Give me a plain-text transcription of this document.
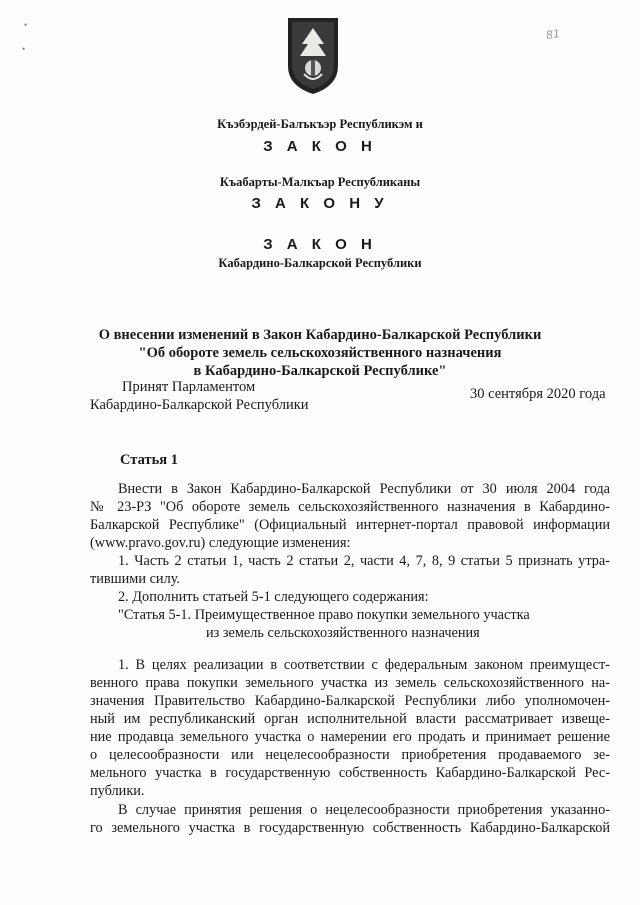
•
•
81
Къэбэрдей-Балъкъэр Республикэм и
З А К О Н
Къабарты-Малкъар Республиканы
З А К О Н У
З А К О Н
Кабардино-Балкарской Республики
О внесении изменений в Закон Кабардино-Балкарской Республики
"Об обороте земель сельскохозяйственного назначения
в Кабардино-Балкарской Республике"
Принят Парламентом
Кабардино-Балкарской Республики
30 сентября 2020 года
Статья 1
Внести в Закон Кабардино-Балкарской Республики от 30 июля 2004 года
№ 23-РЗ "Об обороте земель сельскохозяйственного назначения в Кабардино-
Балкарской Республике" (Официальный интернет-портал правовой информации
(www.pravo.gov.ru) следующие изменения:
1. Часть 2 статьи 1, часть 2 статьи 2, части 4, 7, 8, 9 статьи 5 признать утра-
тившими силу.
2. Дополнить статьей 5-1 следующего содержания:
"Статья 5-1. Преимущественное право покупки земельного участка
из земель сельскохозяйственного назначения
1. В целях реализации в соответствии с федеральным законом преимущест-
венного права покупки земельного участка из земель сельскохозяйственного на-
значения Правительство Кабардино-Балкарской Республики либо уполномочен-
ный им республиканский орган исполнительной власти рассматривает извеще-
ние продавца земельного участка о намерении его продать и принимает решение
о целесообразности или нецелесообразности приобретения продаваемого зе-
мельного участка в государственную собственность Кабардино-Балкарской Рес-
публики.
В случае принятия решения о нецелесообразности приобретения указанно-
го земельного участка в государственную собственность Кабардино-Балкарской
